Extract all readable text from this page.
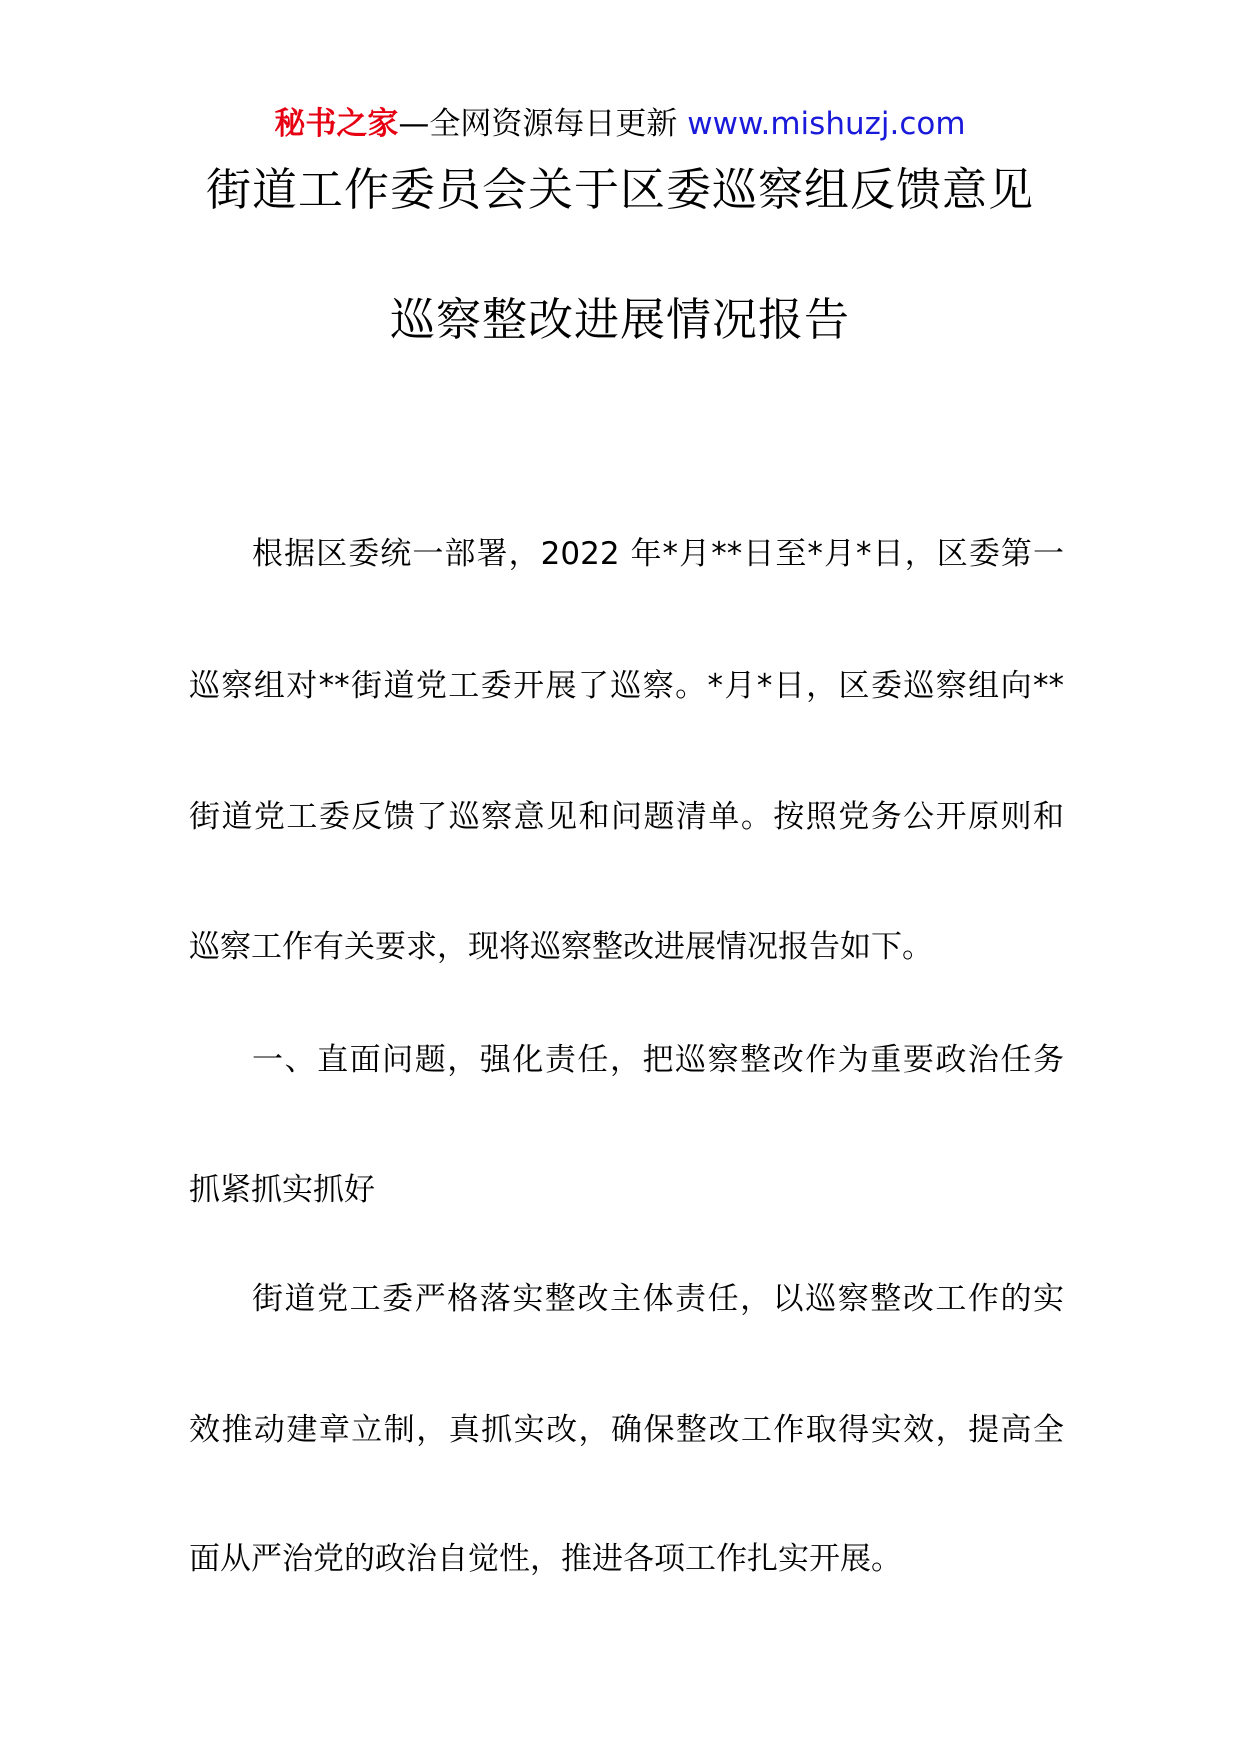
秘书之家—全网资源每日更新 www.mishuzj.com
街道工作委员会关于区委巡察组反馈意见
巡察整改进展情况报告
根据区委统一部署，2022 年*月**日至*月*日，区委第一
巡察组对**街道党工委开展了巡察。*月*日，区委巡察组向**
街道党工委反馈了巡察意见和问题清单。按照党务公开原则和
巡察工作有关要求，现将巡察整改进展情况报告如下。
一、直面问题，强化责任，把巡察整改作为重要政治任务
抓紧抓实抓好
街道党工委严格落实整改主体责任，以巡察整改工作的实
效推动建章立制，真抓实改，确保整改工作取得实效，提高全
面从严治党的政治自觉性，推进各项工作扎实开展。
